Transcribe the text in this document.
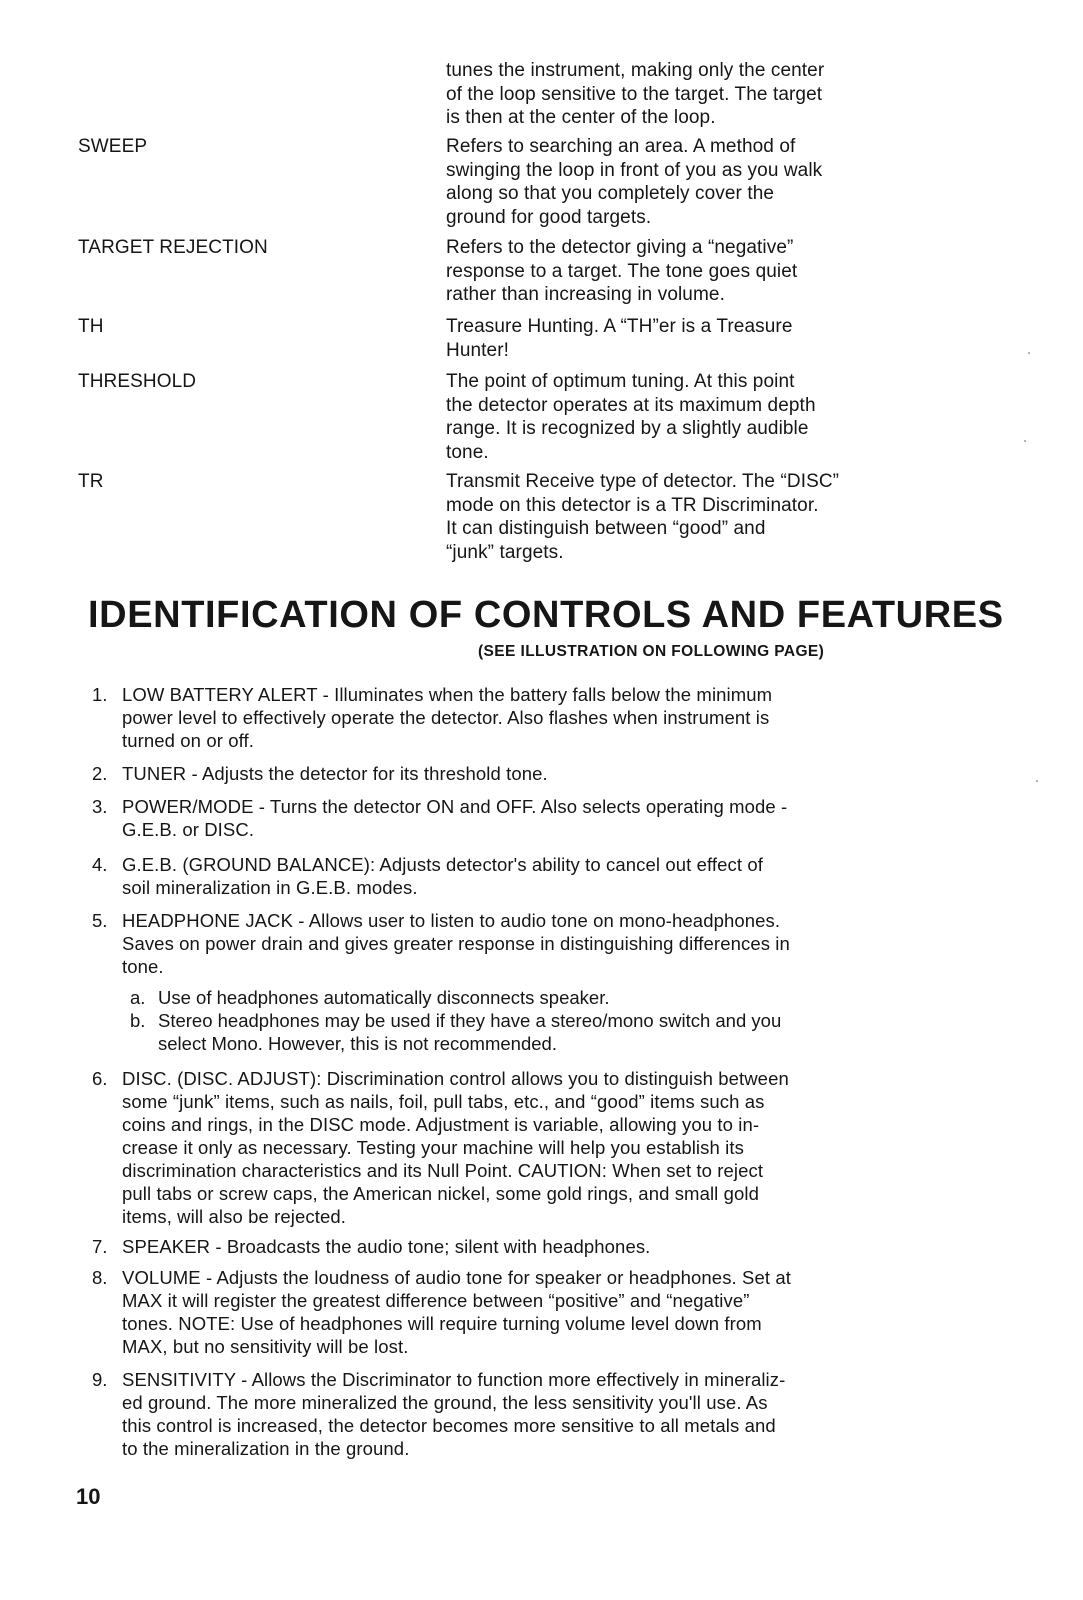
tunes the instrument, making only the center
of the loop sensitive to the target. The target
is then at the center of the loop.
SWEEP	Refers to searching an area. A method of
swinging the loop in front of you as you walk
along so that you completely cover the
ground for good targets.
TARGET REJECTION	Refers to the detector giving a “negative”
response to a target. The tone goes quiet
rather than increasing in volume.
TH	Treasure Hunting. A “TH”er is a Treasure
Hunter!
THRESHOLD	The point of optimum tuning. At this point
the detector operates at its maximum depth
range. It is recognized by a slightly audible
tone.
TR	Transmit Receive type of detector. The “DISC”
mode on this detector is a TR Discriminator.
It can distinguish between “good” and
“junk” targets.
IDENTIFICATION OF CONTROLS AND FEATURES
(SEE ILLUSTRATION ON FOLLOWING PAGE)
1. LOW BATTERY ALERT - Illuminates when the battery falls below the minimum
power level to effectively operate the detector. Also flashes when instrument is
turned on or off.
2. TUNER - Adjusts the detector for its threshold tone.
3. POWER/MODE - Turns the detector ON and OFF. Also selects operating mode -
G.E.B. or DISC.
4. G.E.B. (GROUND BALANCE): Adjusts detector's ability to cancel out effect of
soil mineralization in G.E.B. modes.
5. HEADPHONE JACK - Allows user to listen to audio tone on mono-headphones.
Saves on power drain and gives greater response in distinguishing differences in
tone.
a. Use of headphones automatically disconnects speaker.
b. Stereo headphones may be used if they have a stereo/mono switch and you
select Mono. However, this is not recommended.
6. DISC. (DISC. ADJUST): Discrimination control allows you to distinguish between
some “junk” items, such as nails, foil, pull tabs, etc., and “good” items such as
coins and rings, in the DISC mode. Adjustment is variable, allowing you to in-
crease it only as necessary. Testing your machine will help you establish its
discrimination characteristics and its Null Point. CAUTION: When set to reject
pull tabs or screw caps, the American nickel, some gold rings, and small gold
items, will also be rejected.
7. SPEAKER - Broadcasts the audio tone; silent with headphones.
8. VOLUME - Adjusts the loudness of audio tone for speaker or headphones. Set at
MAX it will register the greatest difference between “positive” and “negative”
tones. NOTE: Use of headphones will require turning volume level down from
MAX, but no sensitivity will be lost.
9. SENSITIVITY - Allows the Discriminator to function more effectively in mineraliz-
ed ground. The more mineralized the ground, the less sensitivity you'll use. As
this control is increased, the detector becomes more sensitive to all metals and
to the mineralization in the ground.
10
